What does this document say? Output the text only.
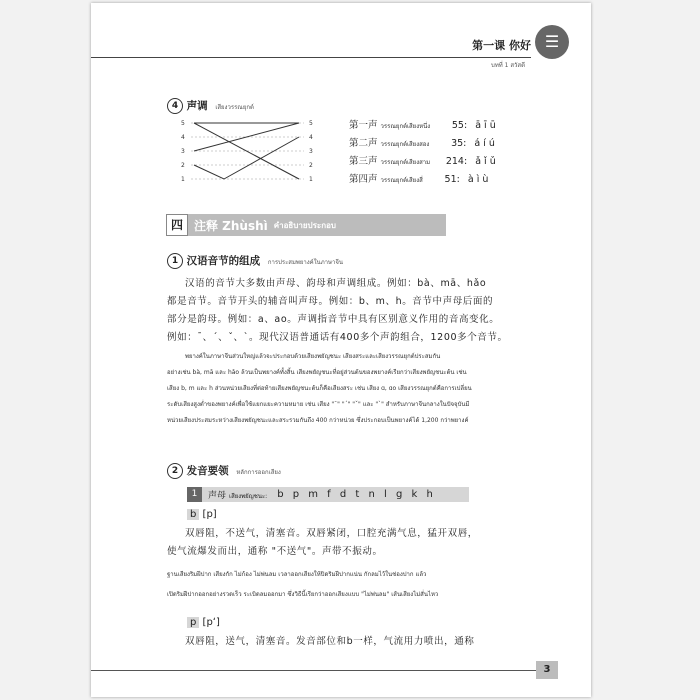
第一课 你好
บทที่ 1 สวัสดี
☰
4 声调 เสียงวรรณยุกต์
5
4
3
2
1
5
4
3
2
1
第一声 วรรณยุกต์เสียงหนึ่ง 55: ā ī ū
第二声 วรรณยุกต์เสียงสอง 35: á í ú
第三声 วรรณยุกต์เสียงสาม 214: ǎ ǐ ǔ
第四声 วรรณยุกต์เสียงสี่ 51: à ì ù
四 注释 Zhùshì คำอธิบายประกอบ
1 汉语音节的组成 การประสมพยางค์ในภาษาจีน
汉语的音节大多数由声母、韵母和声调组成。例如：bà、mā、hǎo
都是音节。音节开头的辅音叫声母。例如：b、m、h。音节中声母后面的
部分是韵母。例如：a、ao。声调指音节中具有区别意义作用的音高变化。
例如：ˉ、ˊ、ˇ、ˋ。现代汉语普通话有400多个声韵组合，1200多个音节。
พยางค์ในภาษาจีนส่วนใหญ่แล้วจะประกอบด้วยเสียงพยัญชนะ เสียงสระและเสียงวรรณยุกต์ประสมกัน
อย่างเช่น bà, mā และ hǎo ล้วนเป็นพยางค์ทั้งสิ้น เสียงพยัญชนะที่อยู่ส่วนต้นของพยางค์เรียกว่าเสียงพยัญชนะต้น เช่น
เสียง b, m และ h ส่วนหน่วยเสียงที่ต่อท้ายเสียงพยัญชนะต้นก็คือเสียงสระ เช่น เสียง ɑ, ɑo เสียงวรรณยุกต์คือการเปลี่ยน
ระดับเสียงสูงต่ำของพยางค์เพื่อใช้แยกแยะความหมาย เช่น เสียง "ˉ" "ˊ" "ˇ" และ "ˋ" สำหรับภาษาจีนกลางในปัจจุบันมี
หน่วยเสียงประสมระหว่างเสียงพยัญชนะและสระรวมกันถึง 400 กว่าหน่วย ซึ่งประกอบเป็นพยางค์ได้ 1,200 กว่าพยางค์
2 发音要领 หลักการออกเสียง
1	声母 เสียงพยัญชนะ: b p m f d t n l g k h
b [p]
双唇阻，不送气，清塞音。双唇紧闭，口腔充满气息，猛开双唇，
使气流爆发而出，通称 "不送气"。声带不振动。
ฐานเสียงริมฝีปาก เสียงกัก ไม่ก้อง ไม่พ่นลม เวลาออกเสียงให้ปิดริมฝีปากแน่น กักลมไว้ในช่องปาก แล้ว
เปิดริมฝีปากออกอย่างรวดเร็ว ระเบิดลมออกมา ซึ่งวิธีนี้เรียกว่าออกเสียงแบบ "ไม่พ่นลม" เส้นเสียงไม่สั่นไหว
p [pʻ]
双唇阻，送气，清塞音。发音部位和b一样，气流用力喷出，通称
3
